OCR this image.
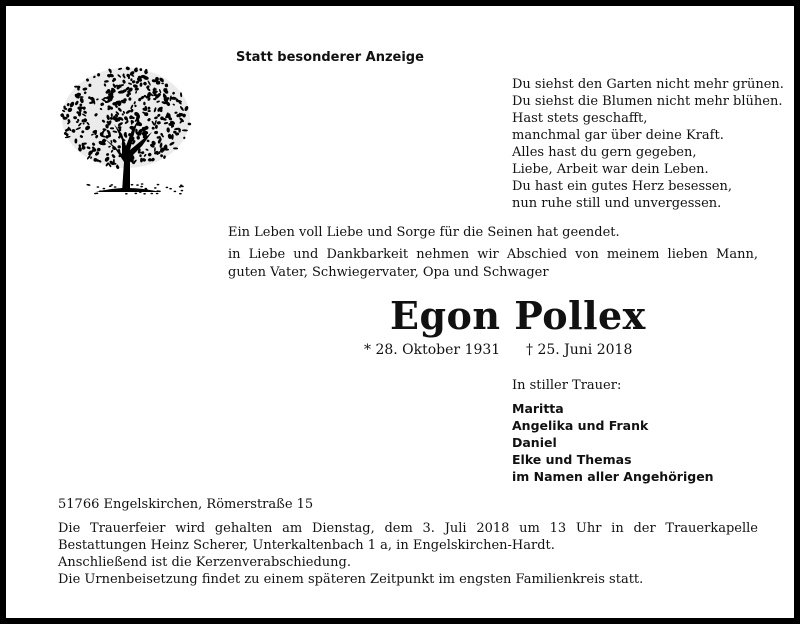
Statt besonderer Anzeige
Du siehst den Garten nicht mehr grünen.
Du siehst die Blumen nicht mehr blühen.
Hast stets geschafft,
manchmal gar über deine Kraft.
Alles hast du gern gegeben,
Liebe, Arbeit war dein Leben.
Du hast ein gutes Herz besessen,
nun ruhe still und unvergessen.
Ein Leben voll Liebe und Sorge für die Seinen hat geendet.
in Liebe und Dankbarkeit nehmen wir Abschied von meinem lieben Mann, guten Vater, Schwiegervater, Opa und Schwager
Egon Pollex
* 28. Oktober 1931 † 25. Juni 2018
In stiller Trauer:
Maritta
Angelika und Frank
Daniel
Elke und Themas
im Namen aller Angehörigen
51766 Engelskirchen, Römerstraße 15

Die Trauerfeier wird gehalten am Dienstag, dem 3. Juli 2018 um 13 Uhr in der Trauerkapelle Bestattungen Heinz Scherer, Unterkaltenbach 1 a, in Engelskirchen-Hardt.

Anschließend ist die Kerzenverabschiedung.

Die Urnenbeisetzung findet zu einem späteren Zeitpunkt im engsten Familienkreis statt.
